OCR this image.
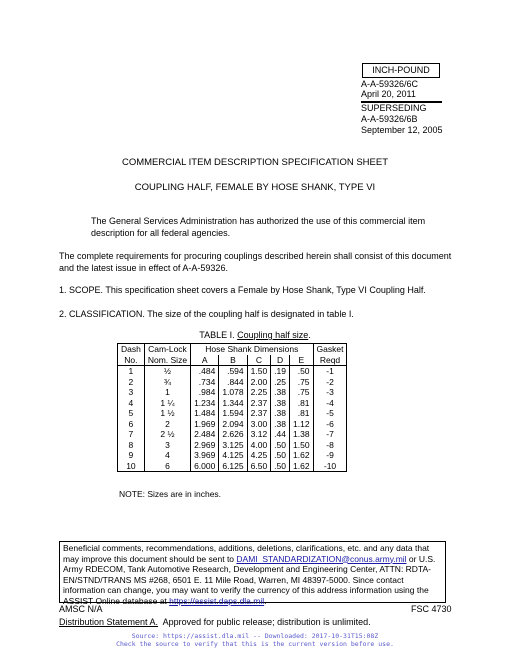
INCH-POUND
A-A-59326/6C
April 20, 2011
SUPERSEDING
A-A-59326/6B
September 12, 2005
COMMERCIAL ITEM DESCRIPTION SPECIFICATION SHEET
COUPLING HALF, FEMALE BY HOSE SHANK, TYPE VI
The General Services Administration has authorized the use of this commercial item description for all federal agencies.
The complete requirements for procuring couplings described herein shall consist of this document and the latest issue in effect of A-A-59326.
1. SCOPE. This specification sheet covers a Female by Hose Shank, Type VI Coupling Half.
2. CLASSIFICATION. The size of the coupling half is designated in table I.
TABLE I. Coupling half size.
Dash	Cam-Lock	Hose Shank Dimensions					Gasket
No.	Nom. Size	A	B	C	D	E	Reqd
1	½	.484	.594	1.50	.19	.50	-1
2	¾	.734	.844	2.00	.25	.75	-2
3	1	.984	1.078	2.25	.38	.75	-3
4	1 ¼	1.234	1.344	2.37	.38	.81	-4
5	1 ½	1.484	1.594	2.37	.38	.81	-5
6	2	1.969	2.094	3.00	.38	1.12	-6
7	2 ½	2.484	2.626	3.12	.44	1.38	-7
8	3	2.969	3.125	4.00	.50	1.50	-8
9	4	3.969	4.125	4.25	.50	1.62	-9
10	6	6.000	6.125	6.50	.50	1.62	-10
NOTE: Sizes are in inches.
Beneficial comments, recommendations, additions, deletions, clarifications, etc. and any data that may improve this document should be sent to DAMI_STANDARDIZATION@conus.army.mil or U.S. Army RDECOM, Tank Automotive Research, Development and Engineering Center, ATTN: RDTA-EN/STND/TRANS MS #268, 6501 E. 11 Mile Road, Warren, MI 48397-5000. Since contact information can change, you may want to verify the currency of this address information using the ASSIST Online database at https://assist.daps.dla.mil.
AMSC N/A	FSC 4730
Distribution Statement A.  Approved for public release; distribution is unlimited.
Source: https://assist.dla.mil -- Downloaded: 2017-10-31T15:08Z
Check the source to verify that this is the current version before use.
